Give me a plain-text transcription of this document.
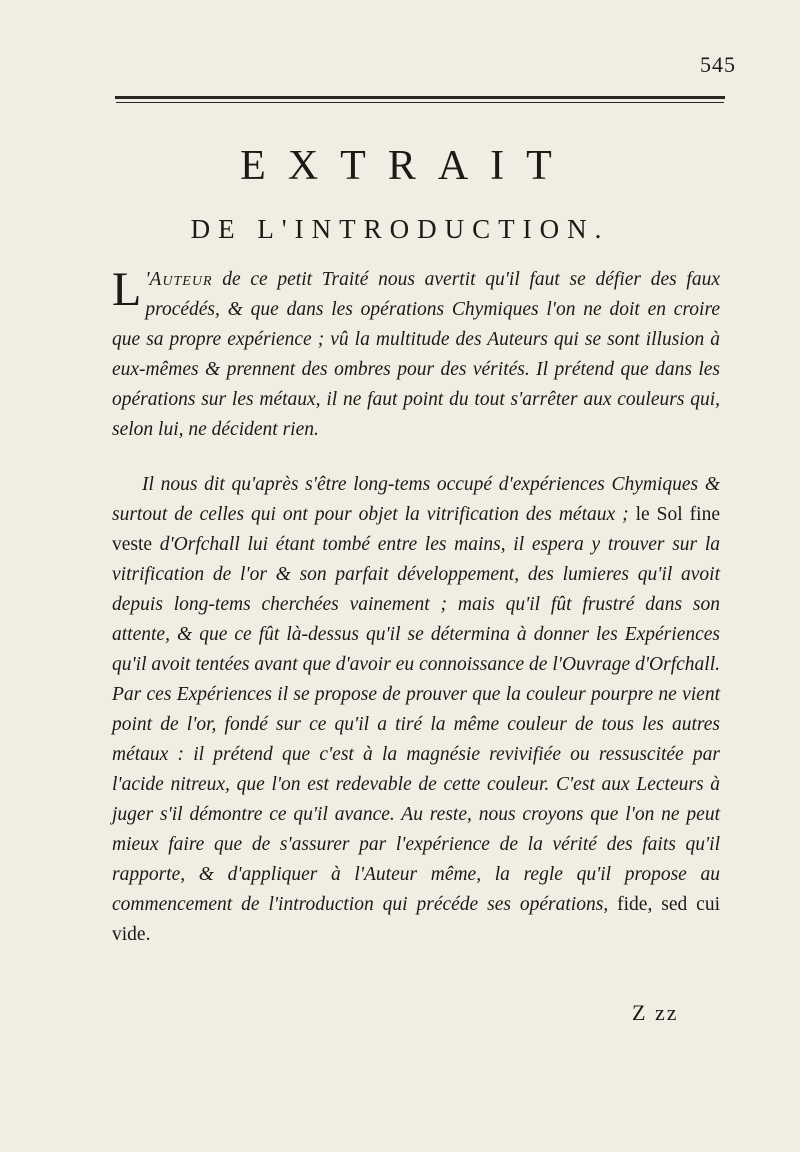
545
EXTRAIT
DE L'INTRODUCTION.

L 'Auteur de ce petit Traité nous avertit qu'il faut se défier des faux procédés, & que dans les opérations Chymiques l'on ne doit en croire que sa propre expérience ; vû la multitude des Auteurs qui se sont illusion à eux-mêmes & prennent des ombres pour des vérités. Il prétend que dans les opérations sur les métaux, il ne faut point du tout s'arrêter aux couleurs qui, selon lui, ne décident rien.

Il nous dit qu'après s'être long-tems occupé d'expériences Chymiques & surtout de celles qui ont pour objet la vitrification des métaux ; le Sol fine veste d'Orfchall lui étant tombé entre les mains, il espera y trouver sur la vitrification de l'or & son parfait développement, des lumieres qu'il avoit depuis long-tems cherchées vainement ; mais qu'il fût frustré dans son attente, & que ce fût là-dessus qu'il se détermina à donner les Expériences qu'il avoit tentées avant que d'avoir eu connoissance de l'Ouvrage d'Orfchall. Par ces Expériences il se propose de prouver que la couleur pourpre ne vient point de l'or, fondé sur ce qu'il a tiré la même couleur de tous les autres métaux : il prétend que c'est à la magnésie revivifiée ou ressuscitée par l'acide nitreux, que l'on est redevable de cette couleur. C'est aux Lecteurs à juger s'il démontre ce qu'il avance. Au reste, nous croyons que l'on ne peut mieux faire que de s'assurer par l'expérience de la vérité des faits qu'il rapporte, & d'appliquer à l'Auteur même, la regle qu'il propose au commencement de l'introduction qui précéde ses opérations, fide, sed cui vide.

Z zz
